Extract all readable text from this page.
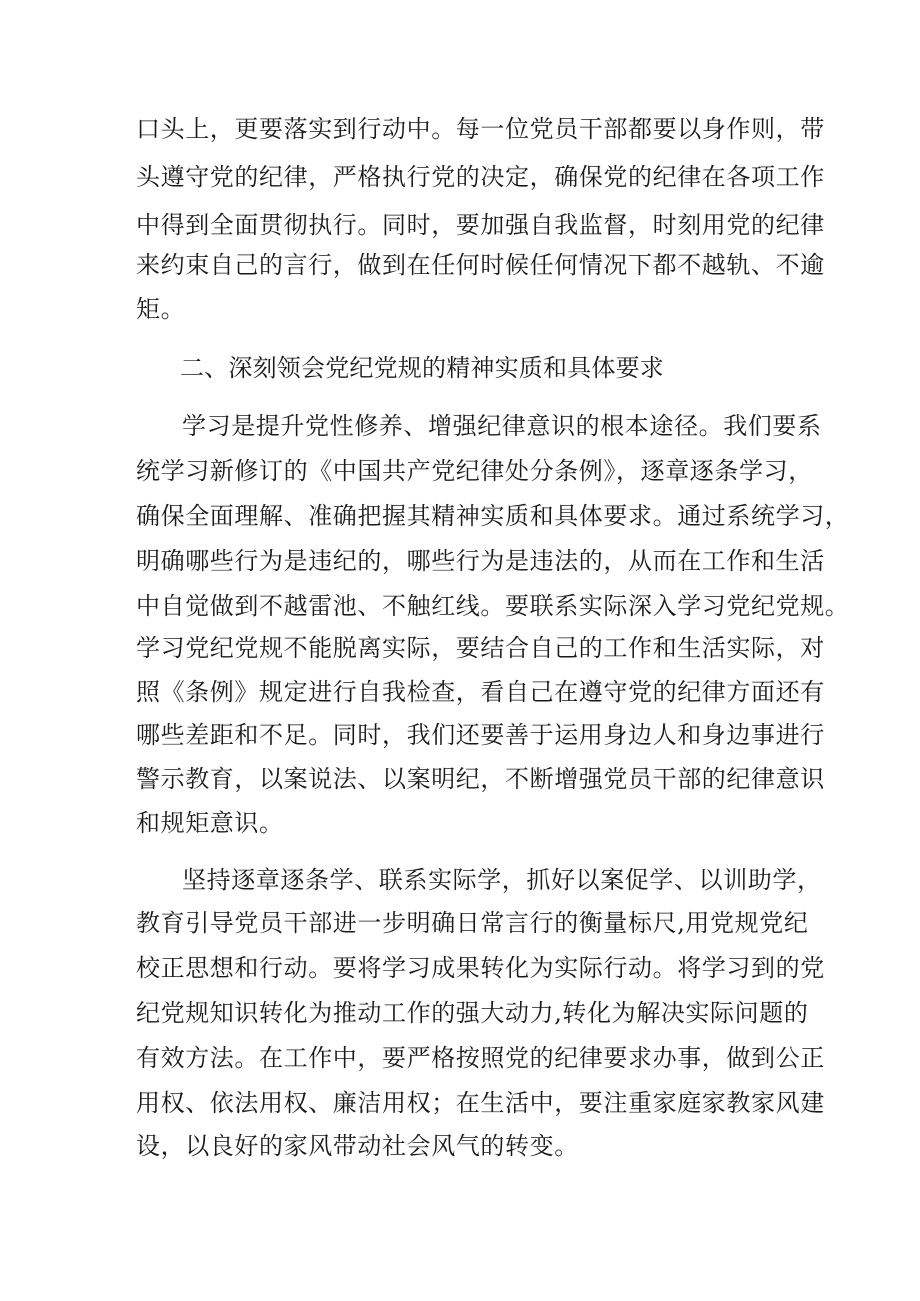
口头上，更要落实到行动中。每一位党员干部都要以身作则，带
头遵守党的纪律，严格执行党的决定，确保党的纪律在各项工作
中得到全面贯彻执行。同时，要加强自我监督，时刻用党的纪律
来约束自己的言行，做到在任何时候任何情况下都不越轨、不逾
矩。
二、深刻领会党纪党规的精神实质和具体要求
学习是提升党性修养、增强纪律意识的根本途径。我们要系
统学习新修订的《中国共产党纪律处分条例》，逐章逐条学习，
确保全面理解、准确把握其精神实质和具体要求。通过系统学习，
明确哪些行为是违纪的，哪些行为是违法的，从而在工作和生活
中自觉做到不越雷池、不触红线。要联系实际深入学习党纪党规。
学习党纪党规不能脱离实际，要结合自己的工作和生活实际，对
照《条例》规定进行自我检查，看自己在遵守党的纪律方面还有
哪些差距和不足。同时，我们还要善于运用身边人和身边事进行
警示教育，以案说法、以案明纪，不断增强党员干部的纪律意识
和规矩意识。
坚持逐章逐条学、联系实际学，抓好以案促学、以训助学，
教育引导党员干部进一步明确日常言行的衡量标尺,用党规党纪
校正思想和行动。要将学习成果转化为实际行动。将学习到的党
纪党规知识转化为推动工作的强大动力,转化为解决实际问题的
有效方法。在工作中，要严格按照党的纪律要求办事，做到公正
用权、依法用权、廉洁用权；在生活中，要注重家庭家教家风建
设，以良好的家风带动社会风气的转变。
